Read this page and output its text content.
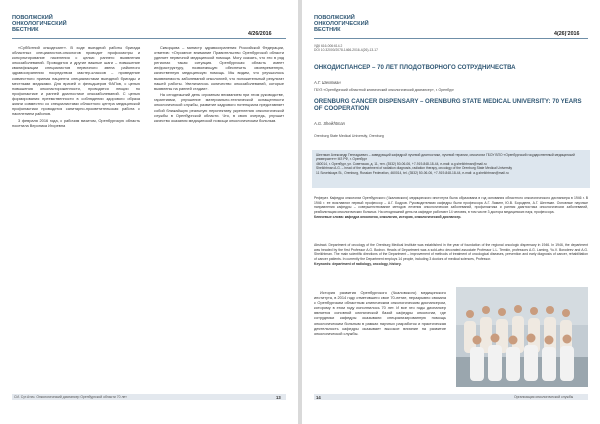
ПОВОЛЖСКИЙ
ОНКОЛОГИЧЕСКИЙ
ВЕСТНИК
4/26/2016

«Субботний онкодесант». В ходе выездной работы бригада областных специалистов-онкологов проводит профосмотры и консультирование населения с целью раннего выявления онкозаболеваний. Проводятся и другие важные шаги – повышение квалификации специалистов первичного звена районного здравоохранения посредством мастер-классов – проведение совместного приема пациента специалистами выездной бригады и местными медиками. Для врачей и фельдшеров ФАПов, с целью повышения онконастороженности, проводятся лекции по профилактике и ранней диагностике онкозаболеваний. С целью формирования преемственности в соблюдении здорового образа жизни совместно со специалистами областного центра медицинской профилактики проводится санитарно-просветительская работа с населением районов.

3 февраля 2016 года, с рабочим визитом, Оренбургскую область посетила Вероника Игоревна

Скворцова – министр здравоохранения Российской Федерации, отметив: «Огромное внимание Правительство Оренбургской области уделяет первичной медицинской помощи. Могу сказать, что это в ряд регионах такая ситуация. Оренбургская область имеет инфраструктуру, позволяющую обеспечить своевременную, качественную медицинскую помощь. Мы видим, что улучшилось выявляемость заболеваний онкологией, что положительный результат нашей работы. Увеличилось количество онкозаболеваний, которые выявлены на ранней стадии».

На сегодняшний день огромным вниманием при этом руководстве, гарантиями, улучшение материально-технической оснащенности онкологической службы, развитие кадрового потенциала представляет собой ближайшую реальную перспективу укрепления онкологической службы в Оренбургской области. Что, в свою очередь, улучшит качество оказания медицинской помощи онкологическим больным.

СИ. Сут.Атич. Онкологический диспансер Оренбургской области 70 лет	13
ПОВОЛЖСКИЙ
ОНКОЛОГИЧЕСКИЙ
ВЕСТНИК
4(26)'2016
УДК 616-006:614.2
DOI 10.32000/2078-1466-2016-4(26)-13-17
ОНКОДИСПАНСЕР – 70 ЛЕТ ПЛОДОТВОРНОГО СОТРУДНИЧЕСТВА
А.Г. Шехтман
ГБУЗ «Оренбургский областной клинический онкологический диспансер», г. Оренбург
ORENBURG CANCER DISPENSARY – ORENBURG STATE MEDICAL UNIVERSITY: 70 YEARS OF COOPERATION
A.G. Sheikhtman
Orenburg State Medical University, Orenburg
Шехтман Александр Геннадьевич – заведующий кафедрой лучевой диагностики, лучевой терапии, онкологии ГБОУ ВПО «Оренбургский государственный медицинский университет» МЗ РФ, г. Оренбург
460014, г. Оренбург, ул. Советская, д. 11, тел. (3532) 50-06-06, +7-919-848-18-44, e-mail: a.g.sheikhtman@mail.ru
Sheikhtman A.G. – head of the department of radiation diagnosis, radiation therapy, oncology of the Orenburg State Medical University
11 Sovetskaya St., Orenburg, Russian Federation, 460014, tel. (3532) 50-06-06, +7-919-848-18-44, e-mail: a.g.sheikhtman@mail.ru
Реферат. Кафедра онкологии Оренбургского (Чкаловского) медицинского института была образована в год основания областного онкологического диспансера в 1946 г. В 1946 г. ее возглавлял первый профессор – А.Г. Бодров. Руководителями кафедры были профессора А.Г. Ламинг, Ю.В. Бородеев, А.Г. Шехтман. Основные научные направления кафедры – совершенствование методов лечения онкологических заболеваний, профилактика и ранняя диагностика онкологических заболеваний, реабилитация онкологических больных. На сегодняшний день на кафедре работают 14 человек, в том числе 3 доктора медицинских наук, профессора.
Ключевые слова: кафедра онкологии, онкология, история, онкологический диспансер.
Abstract. Department of oncology of the Orenburg Medical Institute was established in the year of foundation of the regional oncologic dispensary in 1946. In 1946, the department was headed by the first Professor A.G. Bodrov. Heads of Department was a sold-who decorated associate Professor L.L. Temkin, professors A.G. Laming, Yu.V. Borodeev and A.G. Sheikhtman. The main scientific directions of the Department – improvement of methods of treatment of oncological diseases, prevention and early diagnosis of cancer, rehabilitation of cancer patients. In currently the Department employs 14 people, including 3 doctors of medical sciences, Professor.
Keywords: department of radiology, oncology, history.

История развития Оренбургского (Чкаловского) медицинского института, в 2014 году отметившего свое 70-летие, неразрывно связана с Оренбургским областным клиническим онкологическим диспансером, которому в этом году исполнилось 70 лет. И все это годы диспансер является основной клинической базой кафедры онкологии, где сотрудники кафедры оказывали специализированную помощь онкологическим больным в рамках научных разработок и практическая деятельность кафедры оказывает высокое влияние на развитие онкологической службы.

14	Организация онкологической службы
